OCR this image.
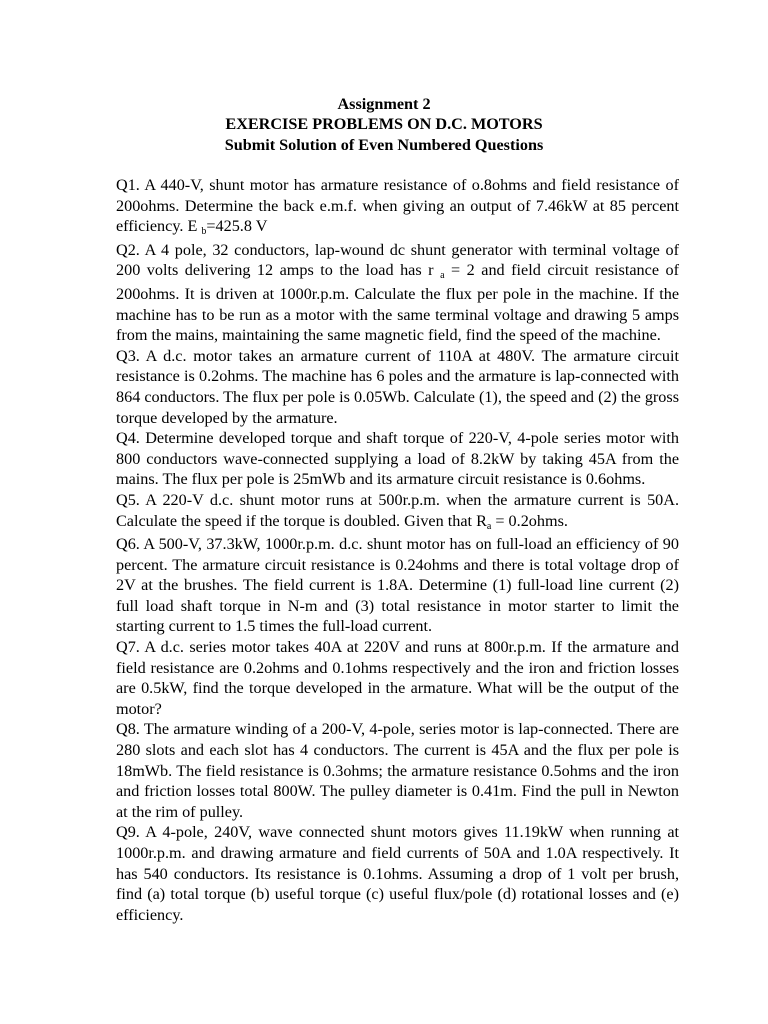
Assignment 2
EXERCISE PROBLEMS ON D.C. MOTORS
Submit Solution of Even Numbered Questions

Q1. A 440-V, shunt motor has armature resistance of o.8ohms and field resistance of 200ohms. Determine the back e.m.f. when giving an output of 7.46kW at 85 percent efficiency. E $_b$=425.8 V

Q2. A 4 pole, 32 conductors, lap-wound dc shunt generator with terminal voltage of 200 volts delivering 12 amps to the load has r $_a$ = 2 and field circuit resistance of 200ohms. It is driven at 1000r.p.m. Calculate the flux per pole in the machine. If the machine has to be run as a motor with the same terminal voltage and drawing 5 amps from the mains, maintaining the same magnetic field, find the speed of the machine.

Q3. A d.c. motor takes an armature current of 110A at 480V. The armature circuit resistance is 0.2ohms. The machine has 6 poles and the armature is lap-connected with 864 conductors. The flux per pole is 0.05Wb. Calculate (1), the speed and (2) the gross torque developed by the armature.

Q4. Determine developed torque and shaft torque of 220-V, 4-pole series motor with 800 conductors wave-connected supplying a load of 8.2kW by taking 45A from the mains. The flux per pole is 25mWb and its armature circuit resistance is 0.6ohms.

Q5. A 220-V d.c. shunt motor runs at 500r.p.m. when the armature current is 50A. Calculate the speed if the torque is doubled. Given that $R_a$ = 0.2ohms.

Q6. A 500-V, 37.3kW, 1000r.p.m. d.c. shunt motor has on full-load an efficiency of 90 percent. The armature circuit resistance is 0.24ohms and there is total voltage drop of 2V at the brushes. The field current is 1.8A. Determine (1) full-load line current (2) full load shaft torque in N-m and (3) total resistance in motor starter to limit the starting current to 1.5 times the full-load current.

Q7. A d.c. series motor takes 40A at 220V and runs at 800r.p.m. If the armature and field resistance are 0.2ohms and 0.1ohms respectively and the iron and friction losses are 0.5kW, find the torque developed in the armature. What will be the output of the motor?

Q8. The armature winding of a 200-V, 4-pole, series motor is lap-connected. There are 280 slots and each slot has 4 conductors. The current is 45A and the flux per pole is 18mWb. The field resistance is 0.3ohms; the armature resistance 0.5ohms and the iron and friction losses total 800W. The pulley diameter is 0.41m. Find the pull in Newton at the rim of pulley.

Q9. A 4-pole, 240V, wave connected shunt motors gives 11.19kW when running at 1000r.p.m. and drawing armature and field currents of 50A and 1.0A respectively. It has 540 conductors. Its resistance is 0.1ohms. Assuming a drop of 1 volt per brush, find (a) total torque (b) useful torque (c) useful flux/pole (d) rotational losses and (e) efficiency.
